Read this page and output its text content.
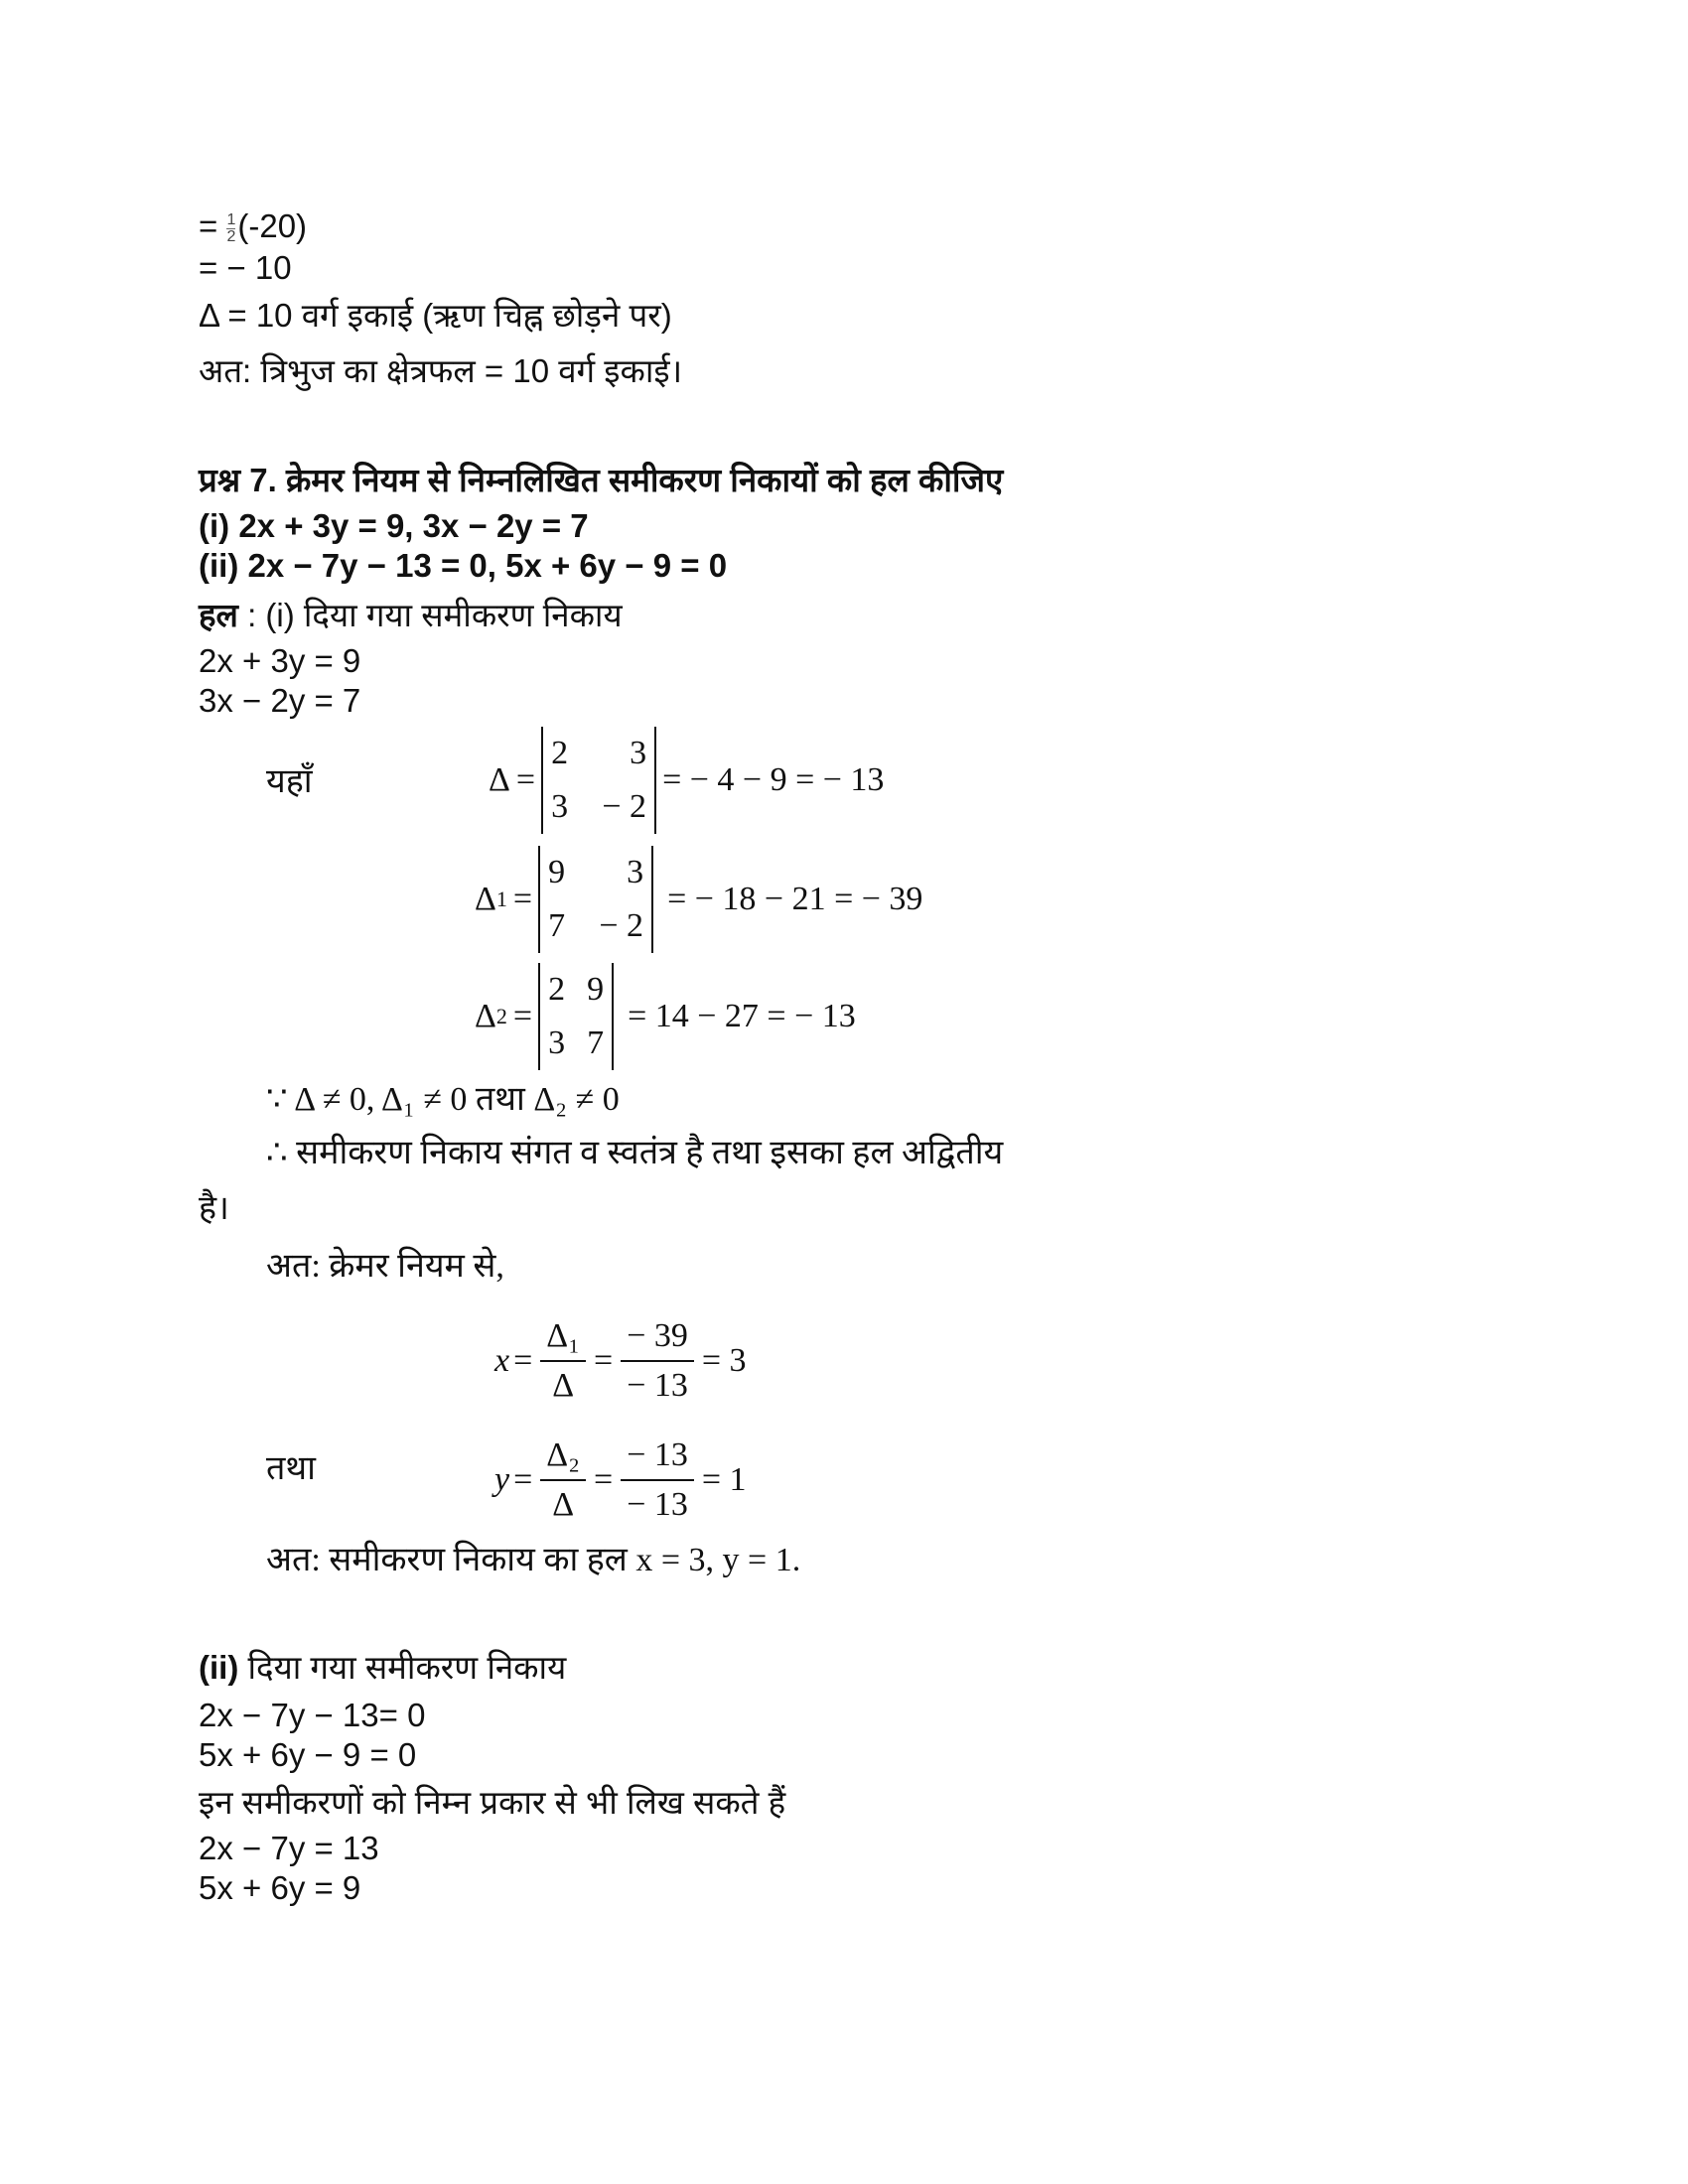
= $\frac{1}{2} (-20)$
= − 10
Δ = 10 वर्ग इकाई (ऋण चिह्न छोड़ने पर)
अत: त्रिभुज का क्षेत्रफल = 10 वर्ग इकाई।
प्रश्न 7. क्रेमर नियम से निम्नलिखित समीकरण निकायों को हल कीजिए
(i) 2x + 3y = 9, 3x − 2y = 7
(ii) 2x − 7y − 13 = 0, 5x + 6y − 9 = 0
हल : (i) दिया गया समीकरण निकाय
2x + 3y = 9
3x − 2y = 7
यहाँ	Δ =
2	3
3	− 2
= − 4 − 9 = − 13
Δ 1 =
9	3
7	− 2
= − 18 − 21 = − 39
Δ 2 =
2 9
3 7
= 14 − 27 = − 13
∵ Δ ≠ 0, Δ₁ ≠ 0 तथा Δ₂ ≠ 0
∴ समीकरण निकाय संगत व स्वतंत्र है तथा इसका हल अद्वितीय
है।
अत: क्रेमर नियम से,
$x = \frac{\text{Δ₁}}{\Delta} = \frac{- 39}{- 13} = 3$
तथा	$y = \frac{\text{Δ₂}}{\Delta} = \frac{- 13}{- 13} = 1$
अत: समीकरण निकाय का हल x = 3, y = 1.
(ii) दिया गया समीकरण निकाय
2x − 7y − 13= 0
5x + 6y − 9 = 0
इन समीकरणों को निम्न प्रकार से भी लिख सकते हैं
2x − 7y = 13
5x + 6y = 9
